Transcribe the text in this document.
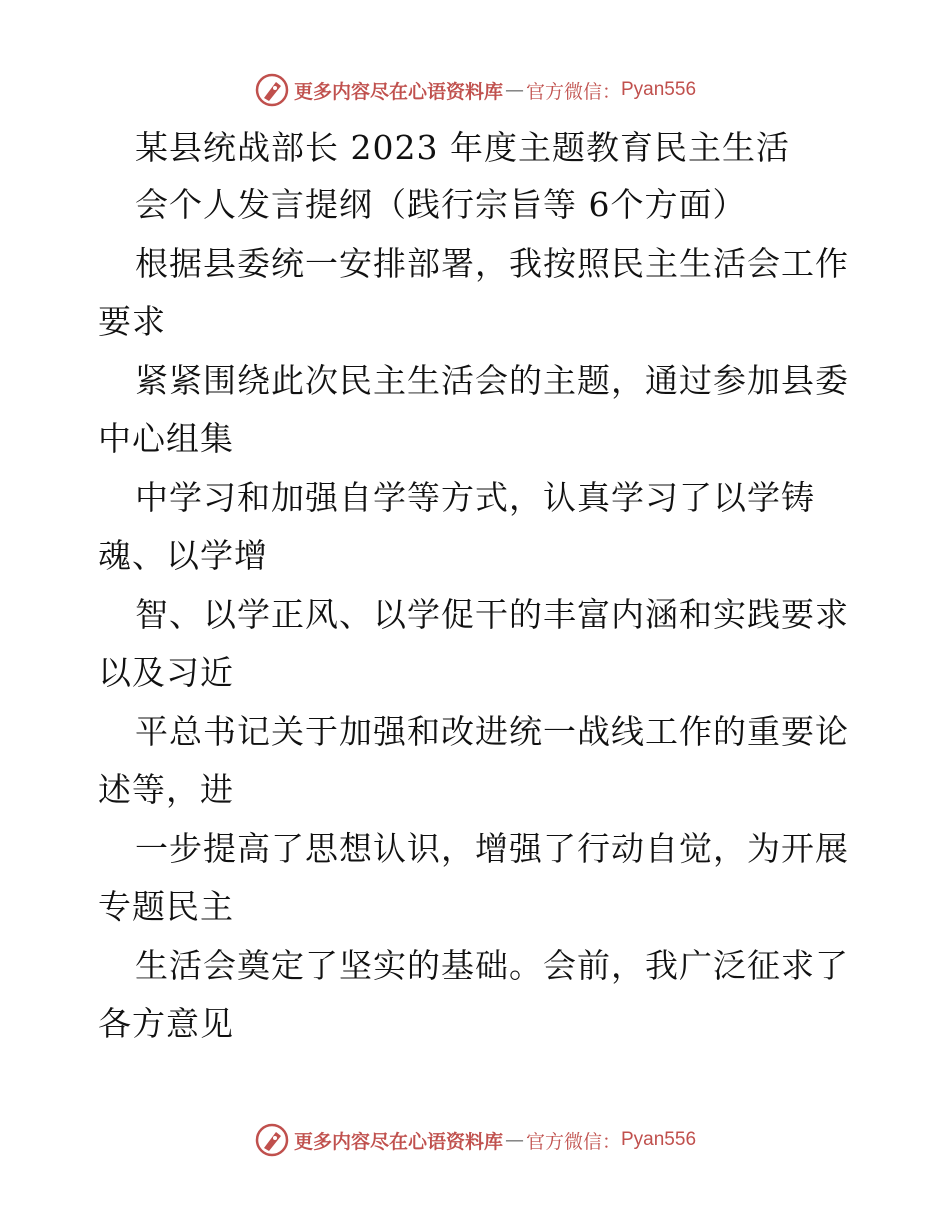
更多内容尽在心语资料库 — 官方微信： Pyan556
某县统战部长 2023 年度主题教育民主生活
会个人发言提纲（践行宗旨等 6个方面）
根据县委统一安排部署，我按照民主生活会工作
要求
紧紧围绕此次民主生活会的主题，通过参加县委
中心组集
中学习和加强自学等方式，认真学习了以学铸
魂、以学增
智、以学正风、以学促干的丰富内涵和实践要求
以及习近
平总书记关于加强和改进统一战线工作的重要论
述等，进
一步提高了思想认识，增强了行动自觉，为开展
专题民主
生活会奠定了坚实的基础。会前，我广泛征求了
各方意见
更多内容尽在心语资料库 — 官方微信： Pyan556
